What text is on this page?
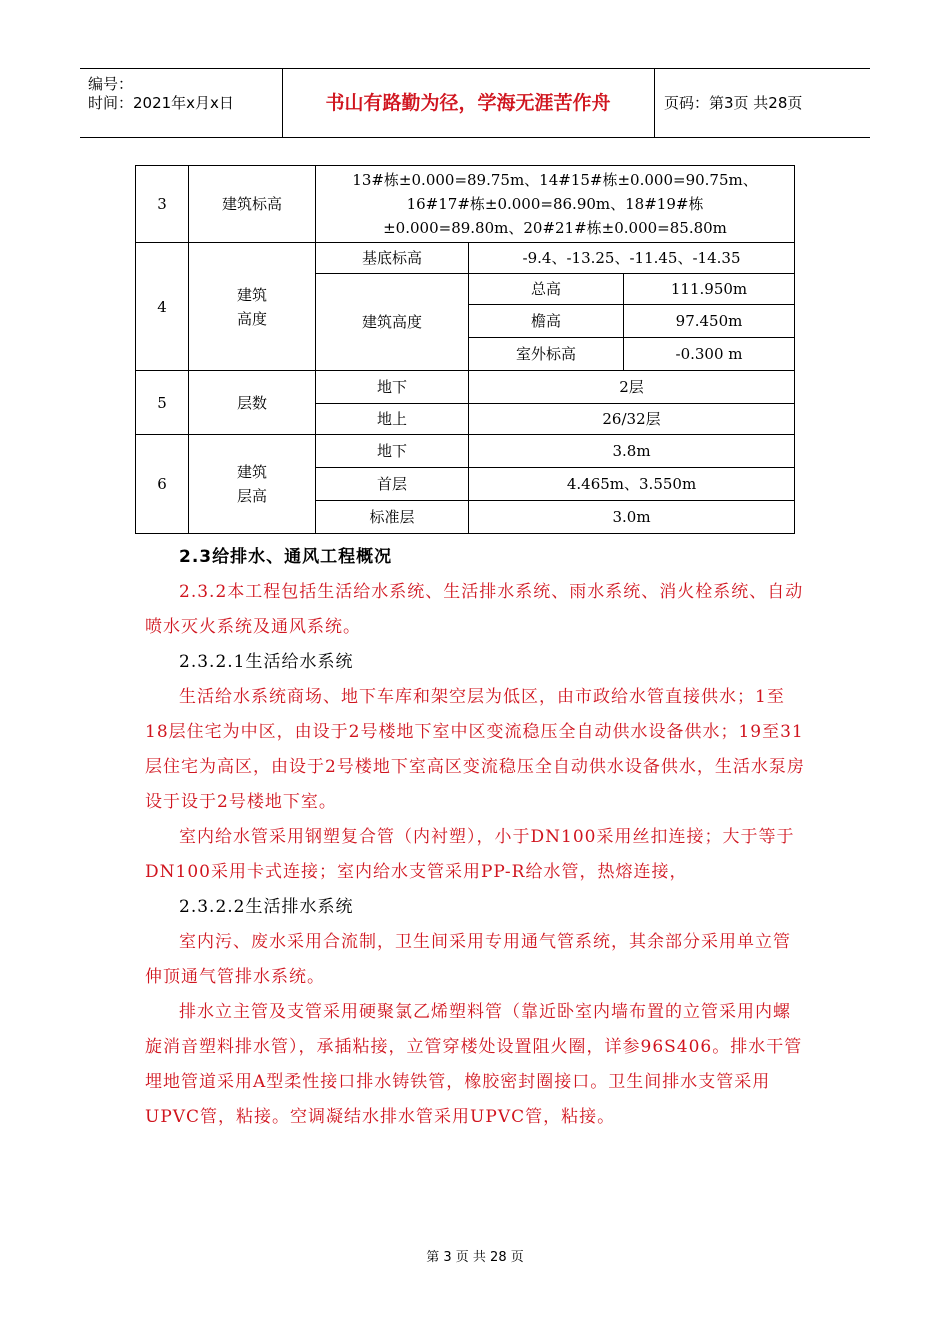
编号：
时间：2021年x月x日	书山有路勤为径，学海无涯苦作舟	页码：第3页 共28页
3	建筑标高	13#栋±0.000=89.75m、14#15#栋±0.000=90.75m、16#17#栋±0.000=86.90m、18#19#栋±0.000=89.80m、20#21#栋±0.000=85.80m		
4	建筑高度	基底标高	-9.4、-13.25、-11.45、-14.35	
		建筑高度	总高	111.950m
			檐高	97.450m
			室外标高	-0.300 m
5	层数	地下	2层	
		地上	26/32层	
6	建筑层高	地下	3.8m	
		首层	4.465m、3.550m	
		标准层	3.0m	

2.3给排水、通风工程概况

2.3.2本工程包括生活给水系统、生活排水系统、雨水系统、消火栓系统、自动喷水灭火系统及通风系统。

2.3.2.1生活给水系统

生活给水系统商场、地下车库和架空层为低区，由市政给水管直接供水；1至18层住宅为中区，由设于2号楼地下室中区变流稳压全自动供水设备供水；19至31层住宅为高区，由设于2号楼地下室高区变流稳压全自动供水设备供水，生活水泵房设于设于2号楼地下室。

室内给水管采用钢塑复合管（内衬塑），小于DN100采用丝扣连接；大于等于DN100采用卡式连接；室内给水支管采用PP-R给水管，热熔连接，

2.3.2.2生活排水系统

室内污、废水采用合流制，卫生间采用专用通气管系统，其余部分采用单立管伸顶通气管排水系统。

排水立主管及支管采用硬聚氯乙烯塑料管（靠近卧室内墙布置的立管采用内螺旋消音塑料排水管），承插粘接，立管穿楼处设置阻火圈，详参96S406。排水干管埋地管道采用A型柔性接口排水铸铁管，橡胶密封圈接口。卫生间排水支管采用UPVC管，粘接。空调凝结水排水管采用UPVC管，粘接。

第 3 页 共 28 页
